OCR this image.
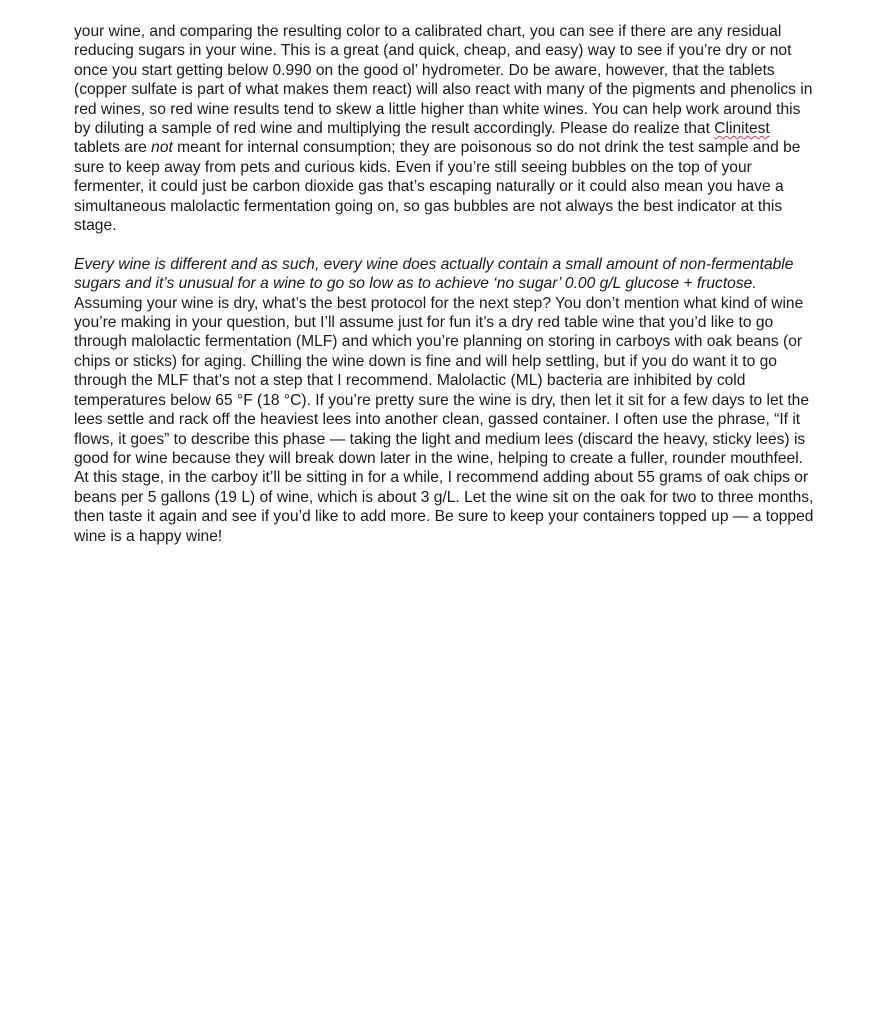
your wine, and comparing the resulting color to a calibrated chart, you can see if there are any residual reducing sugars in your wine. This is a great (and quick, cheap, and easy) way to see if you’re dry or not once you start getting below 0.990 on the good ol’ hydrometer. Do be aware, however, that the tablets (copper sulfate is part of what makes them react) will also react with many of the pigments and phenolics in red wines, so red wine results tend to skew a little higher than white wines. You can help work around this by diluting a sample of red wine and multiplying the result accordingly. Please do realize that Clinitest tablets are not meant for internal consumption; they are poisonous so do not drink the test sample and be sure to keep away from pets and curious kids. Even if you’re still seeing bubbles on the top of your fermenter, it could just be carbon dioxide gas that’s escaping naturally or it could also mean you have a simultaneous malolactic fermentation going on, so gas bubbles are not always the best indicator at this stage.

Every wine is different and as such, every wine does actually contain a small amount of non-fermentable sugars and it’s unusual for a wine to go so low as to achieve ‘no sugar’ 0.00 g/L glucose + fructose.

Assuming your wine is dry, what’s the best protocol for the next step? You don’t mention what kind of wine you’re making in your question, but I’ll assume just for fun it’s a dry red table wine that you’d like to go through malolactic fermentation (MLF) and which you’re planning on storing in carboys with oak beans (or chips or sticks) for aging. Chilling the wine down is fine and will help settling, but if you do want it to go through the MLF that’s not a step that I recommend. Malolactic (ML) bacteria are inhibited by cold temperatures below 65 °F (18 °C). If you’re pretty sure the wine is dry, then let it sit for a few days to let the lees settle and rack off the heaviest lees into another clean, gassed container. I often use the phrase, “If it flows, it goes” to describe this phase — taking the light and medium lees (discard the heavy, sticky lees) is good for wine because they will break down later in the wine, helping to create a fuller, rounder mouthfeel. At this stage, in the carboy it’ll be sitting in for a while, I recommend adding about 55 grams of oak chips or beans per 5 gallons (19 L) of wine, which is about 3 g/L. Let the wine sit on the oak for two to three months, then taste it again and see if you’d like to add more. Be sure to keep your containers topped up — a topped wine is a happy wine!
